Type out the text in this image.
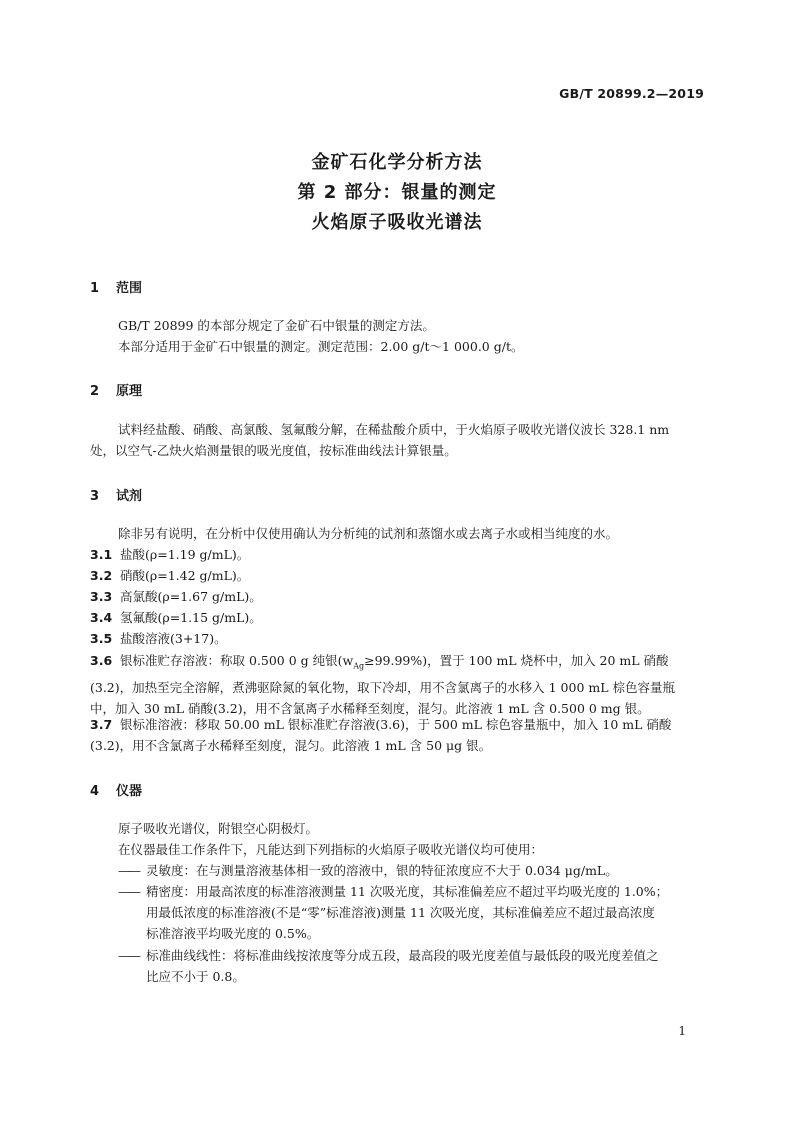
GB/T 20899.2—2019
金矿石化学分析方法
第 2 部分：银量的测定
火焰原子吸收光谱法
1 范围
GB/T 20899 的本部分规定了金矿石中银量的测定方法。
本部分适用于金矿石中银量的测定。测定范围：2.00 g/t～1 000.0 g/t。
2 原理
试料经盐酸、硝酸、高氯酸、氢氟酸分解，在稀盐酸介质中，于火焰原子吸收光谱仪波长 328.1 nm
处，以空气-乙炔火焰测量银的吸光度值，按标准曲线法计算银量。
3 试剂
除非另有说明，在分析中仅使用确认为分析纯的试剂和蒸馏水或去离子水或相当纯度的水。
3.1 盐酸(ρ=1.19 g/mL)。
3.2 硝酸(ρ=1.42 g/mL)。
3.3 高氯酸(ρ=1.67 g/mL)。
3.4 氢氟酸(ρ=1.15 g/mL)。
3.5 盐酸溶液(3+17)。
3.6 银标准贮存溶液：称取 0.500 0 g 纯银$(w_{Ag}\ge 99.99\%)$，置于 100 mL 烧杯中，加入 20 mL 硝酸
(3.2)，加热至完全溶解，煮沸驱除氮的氧化物，取下冷却，用不含氯离子的水移入 1 000 mL 棕色容量瓶
中，加入 30 mL 硝酸(3.2)，用不含氯离子水稀释至刻度，混匀。此溶液 1 mL 含 0.500 0 mg 银。
3.7 银标准溶液：移取 50.00 mL 银标准贮存溶液(3.6)，于 500 mL 棕色容量瓶中，加入 10 mL 硝酸
(3.2)，用不含氯离子水稀释至刻度，混匀。此溶液 1 mL 含 50 μg 银。
4 仪器
原子吸收光谱仪，附银空心阴极灯。
在仪器最佳工作条件下，凡能达到下列指标的火焰原子吸收光谱仪均可使用：
—— 灵敏度：在与测量溶液基体相一致的溶液中，银的特征浓度应不大于 0.034 μg/mL。
—— 精密度：用最高浓度的标准溶液测量 11 次吸光度，其标准偏差应不超过平均吸光度的 1.0%；
用最低浓度的标准溶液(不是“零”标准溶液)测量 11 次吸光度，其标准偏差应不超过最高浓度
标准溶液平均吸光度的 0.5%。
—— 标准曲线线性：将标准曲线按浓度等分成五段，最高段的吸光度差值与最低段的吸光度差值之
比应不小于 0.8。
1
